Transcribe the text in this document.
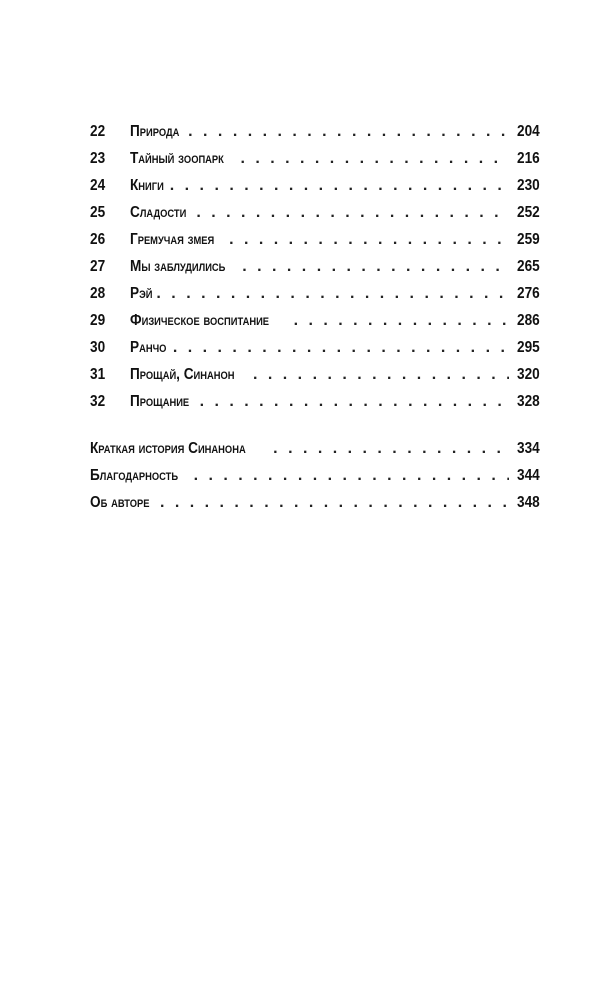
22	Природа . . .	204
23	Тайный зоопарк . . .	216
24	Книги . . .	230
25	Сладости . . .	252
26	Гремучая змея . . .	259
27	Мы заблудились . . .	265
28	Рэй . . .	276
29	Физическое воспитание . . .	286
30	Ранчо . . .	295
31	Прощай, Синанон . . .	320
32	Прощание . . .	328
Краткая история Синанона . . .	334
Благодарность . . .	344
Об авторе . . .	348
